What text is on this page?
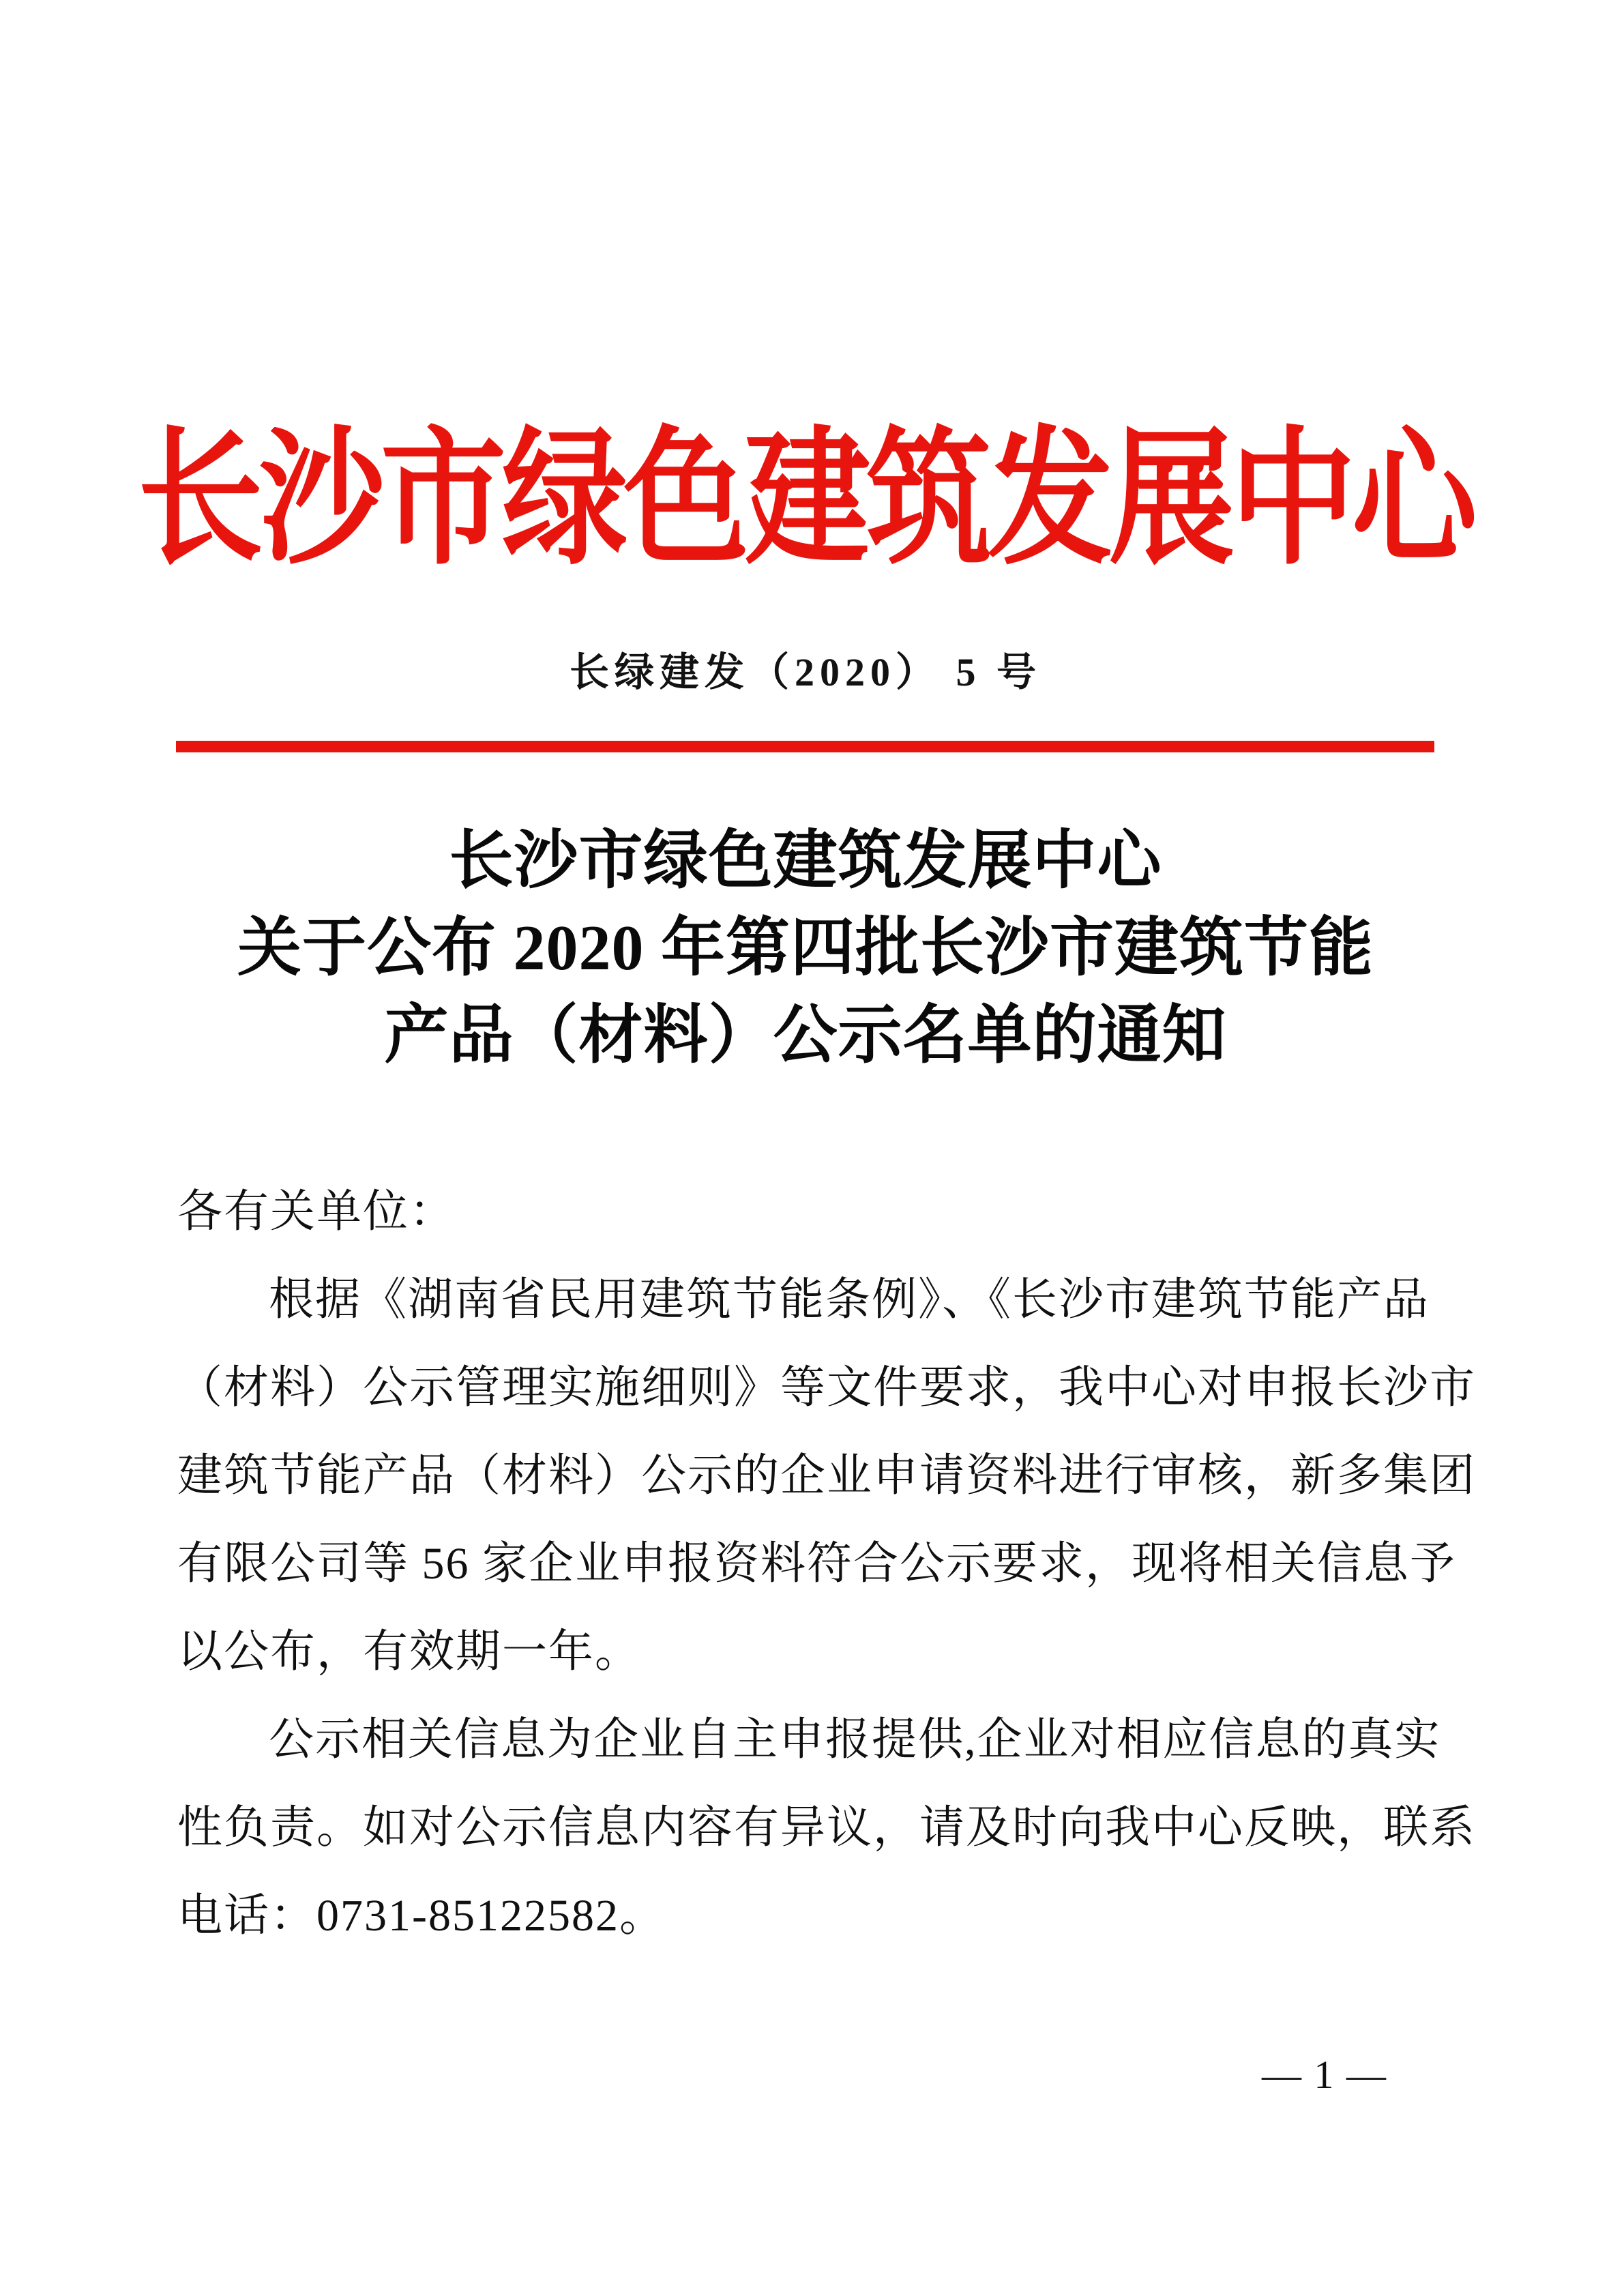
长沙市绿色建筑发展中心
长绿建发（2020） 5 号
长沙市绿色建筑发展中心
关于公布 2020 年第四批长沙市建筑节能
产品（材料）公示名单的通知
各有关单位：
根据《湖南省民用建筑节能条例》、《长沙市建筑节能产品
（材料）公示管理实施细则》等文件要求，我中心对申报长沙市
建筑节能产品（材料）公示的企业申请资料进行审核，新多集团
有限公司等 56 家企业申报资料符合公示要求，现将相关信息予
以公布，有效期一年。
公示相关信息为企业自主申报提供,企业对相应信息的真实
性负责。如对公示信息内容有异议，请及时向我中心反映，联系
电话：0731-85122582。
— 1 —
